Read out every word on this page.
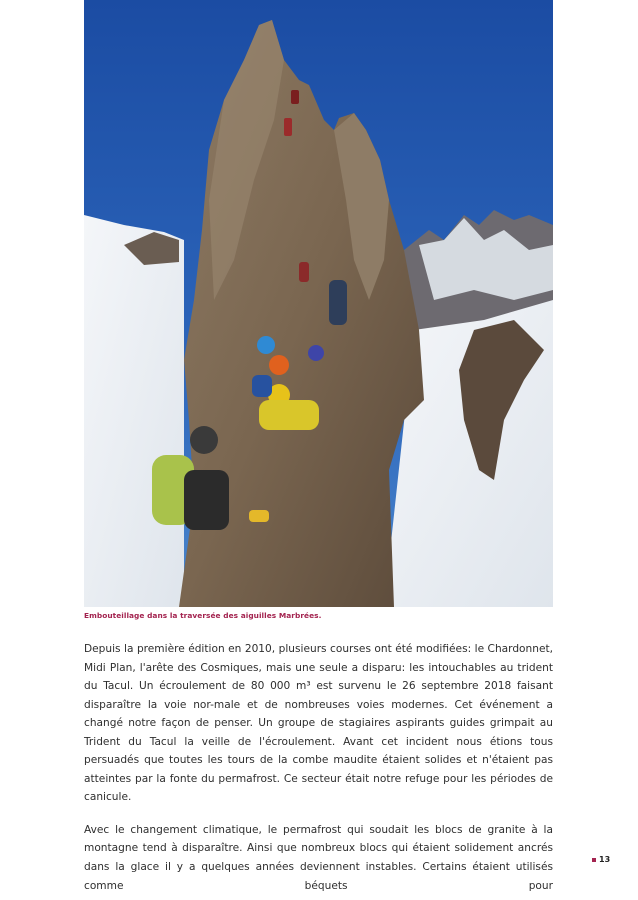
Embouteillage dans la traversée des aiguilles Marbrées.

Depuis la première édition en 2010, plusieurs courses ont été modifiées: le Chardonnet, Midi Plan, l'arête des Cosmiques, mais une seule a disparu: les intouchables au trident du Tacul. Un écroulement de 80 000 m³ est survenu le 26 septembre 2018 faisant disparaître la voie nor-male et de nombreuses voies modernes. Cet événement a changé notre façon de penser. Un groupe de stagiaires aspirants guides grimpait au Trident du Tacul la veille de l'écroulement. Avant cet incident nous étions tous persuadés que toutes les tours de la combe maudite étaient solides et n'étaient pas atteintes par la fonte du permafrost. Ce secteur était notre refuge pour les périodes de canicule.

Avec le changement climatique, le permafrost qui soudait les blocs de granite à la montagne tend à disparaître. Ainsi que nombreux blocs qui étaient solidement ancrés dans la glace il y a quelques années deviennent instables. Certains étaient utilisés comme béquets pour

13
